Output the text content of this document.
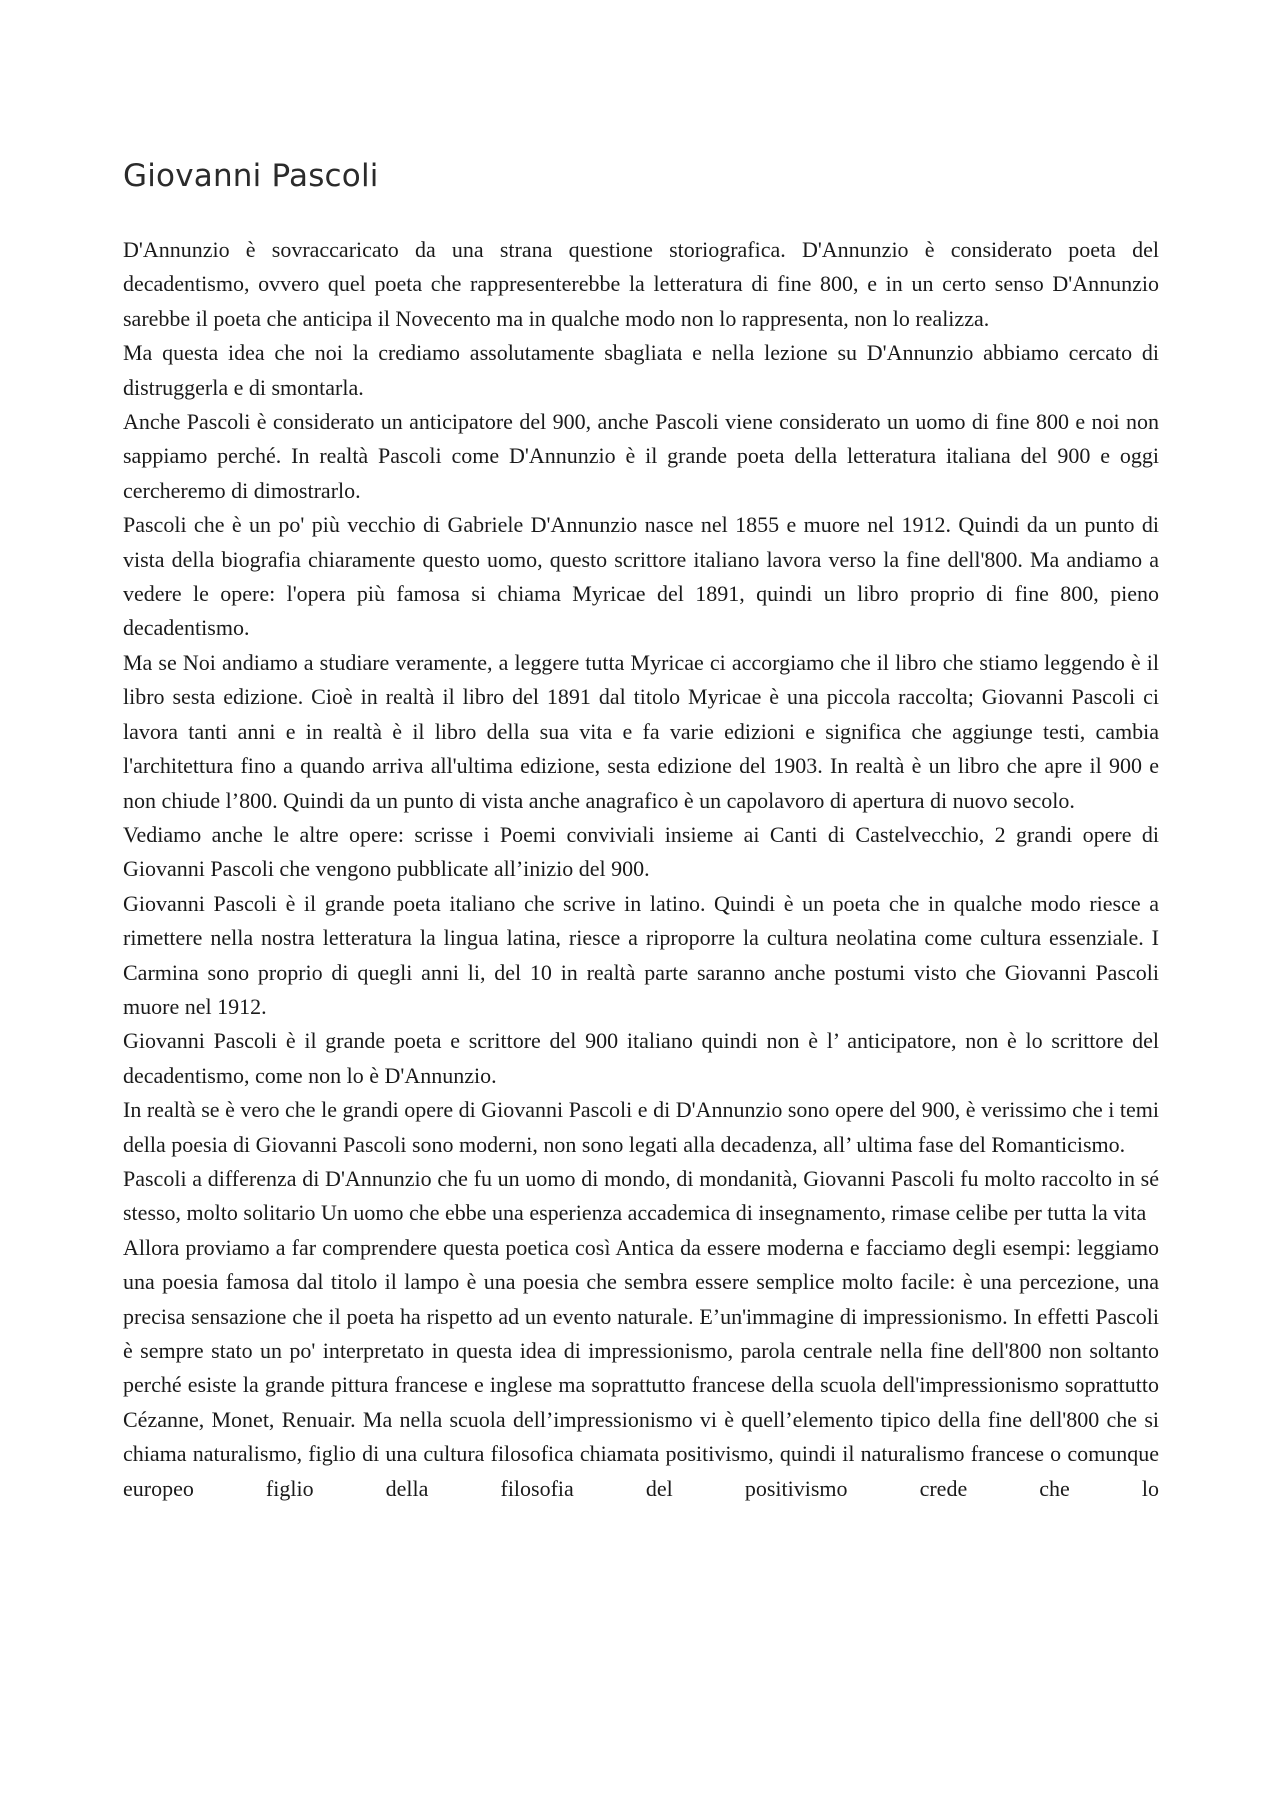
Giovanni Pascoli

D'Annunzio è sovraccaricato da una strana questione storiografica. D'Annunzio è considerato poeta del decadentismo, ovvero quel poeta che rappresenterebbe la letteratura di fine 800, e in un certo senso D'Annunzio sarebbe il poeta che anticipa il Novecento ma in qualche modo non lo rappresenta, non lo realizza.

Ma questa idea che noi la crediamo assolutamente sbagliata e nella lezione su D'Annunzio abbiamo cercato di distruggerla e di smontarla.

Anche Pascoli è considerato un anticipatore del 900, anche Pascoli viene considerato un uomo di fine 800 e noi non sappiamo perché. In realtà Pascoli come D'Annunzio è il grande poeta della letteratura italiana del 900 e oggi cercheremo di dimostrarlo.

Pascoli che è un po' più vecchio di Gabriele D'Annunzio nasce nel 1855 e muore nel 1912. Quindi da un punto di vista della biografia chiaramente questo uomo, questo scrittore italiano lavora verso la fine dell'800. Ma andiamo a vedere le opere: l'opera più famosa si chiama Myricae del 1891, quindi un libro proprio di fine 800, pieno decadentismo.

Ma se Noi andiamo a studiare veramente, a leggere tutta Myricae ci accorgiamo che il libro che stiamo leggendo è il libro sesta edizione. Cioè in realtà il libro del 1891 dal titolo Myricae è una piccola raccolta; Giovanni Pascoli ci lavora tanti anni e in realtà è il libro della sua vita e fa varie edizioni e significa che aggiunge testi, cambia l'architettura fino a quando arriva all'ultima edizione, sesta edizione del 1903. In realtà è un libro che apre il 900 e non chiude l’800. Quindi da un punto di vista anche anagrafico è un capolavoro di apertura di nuovo secolo.

Vediamo anche le altre opere: scrisse i Poemi conviviali insieme ai Canti di Castelvecchio, 2 grandi opere di Giovanni Pascoli che vengono pubblicate all’inizio del 900.

Giovanni Pascoli è il grande poeta italiano che scrive in latino. Quindi è un poeta che in qualche modo riesce a rimettere nella nostra letteratura la lingua latina, riesce a riproporre la cultura neolatina come cultura essenziale. I Carmina sono proprio di quegli anni li, del 10 in realtà parte saranno anche postumi visto che Giovanni Pascoli muore nel 1912.

Giovanni Pascoli è il grande poeta e scrittore del 900 italiano quindi non è l’ anticipatore, non è lo scrittore del decadentismo, come non lo è D'Annunzio.

In realtà se è vero che le grandi opere di Giovanni Pascoli e di D'Annunzio sono opere del 900, è verissimo che i temi della poesia di Giovanni Pascoli sono moderni, non sono legati alla decadenza, all’ ultima fase del Romanticismo.

Pascoli a differenza di D'Annunzio che fu un uomo di mondo, di mondanità, Giovanni Pascoli fu molto raccolto in sé stesso, molto solitario Un uomo che ebbe una esperienza accademica di insegnamento, rimase celibe per tutta la vita

Allora proviamo a far comprendere questa poetica così Antica da essere moderna e facciamo degli esempi: leggiamo una poesia famosa dal titolo il lampo è una poesia che sembra essere semplice molto facile: è una percezione, una precisa sensazione che il poeta ha rispetto ad un evento naturale. E’un'immagine di impressionismo. In effetti Pascoli è sempre stato un po' interpretato in questa idea di impressionismo, parola centrale nella fine dell'800 non soltanto perché esiste la grande pittura francese e inglese ma soprattutto francese della scuola dell'impressionismo soprattutto Cézanne, Monet, Renuair. Ma nella scuola dell’impressionismo vi è quell’elemento tipico della fine dell'800 che si chiama naturalismo, figlio di una cultura filosofica chiamata positivismo, quindi il naturalismo francese o comunque europeo figlio della filosofia del positivismo crede che lo
